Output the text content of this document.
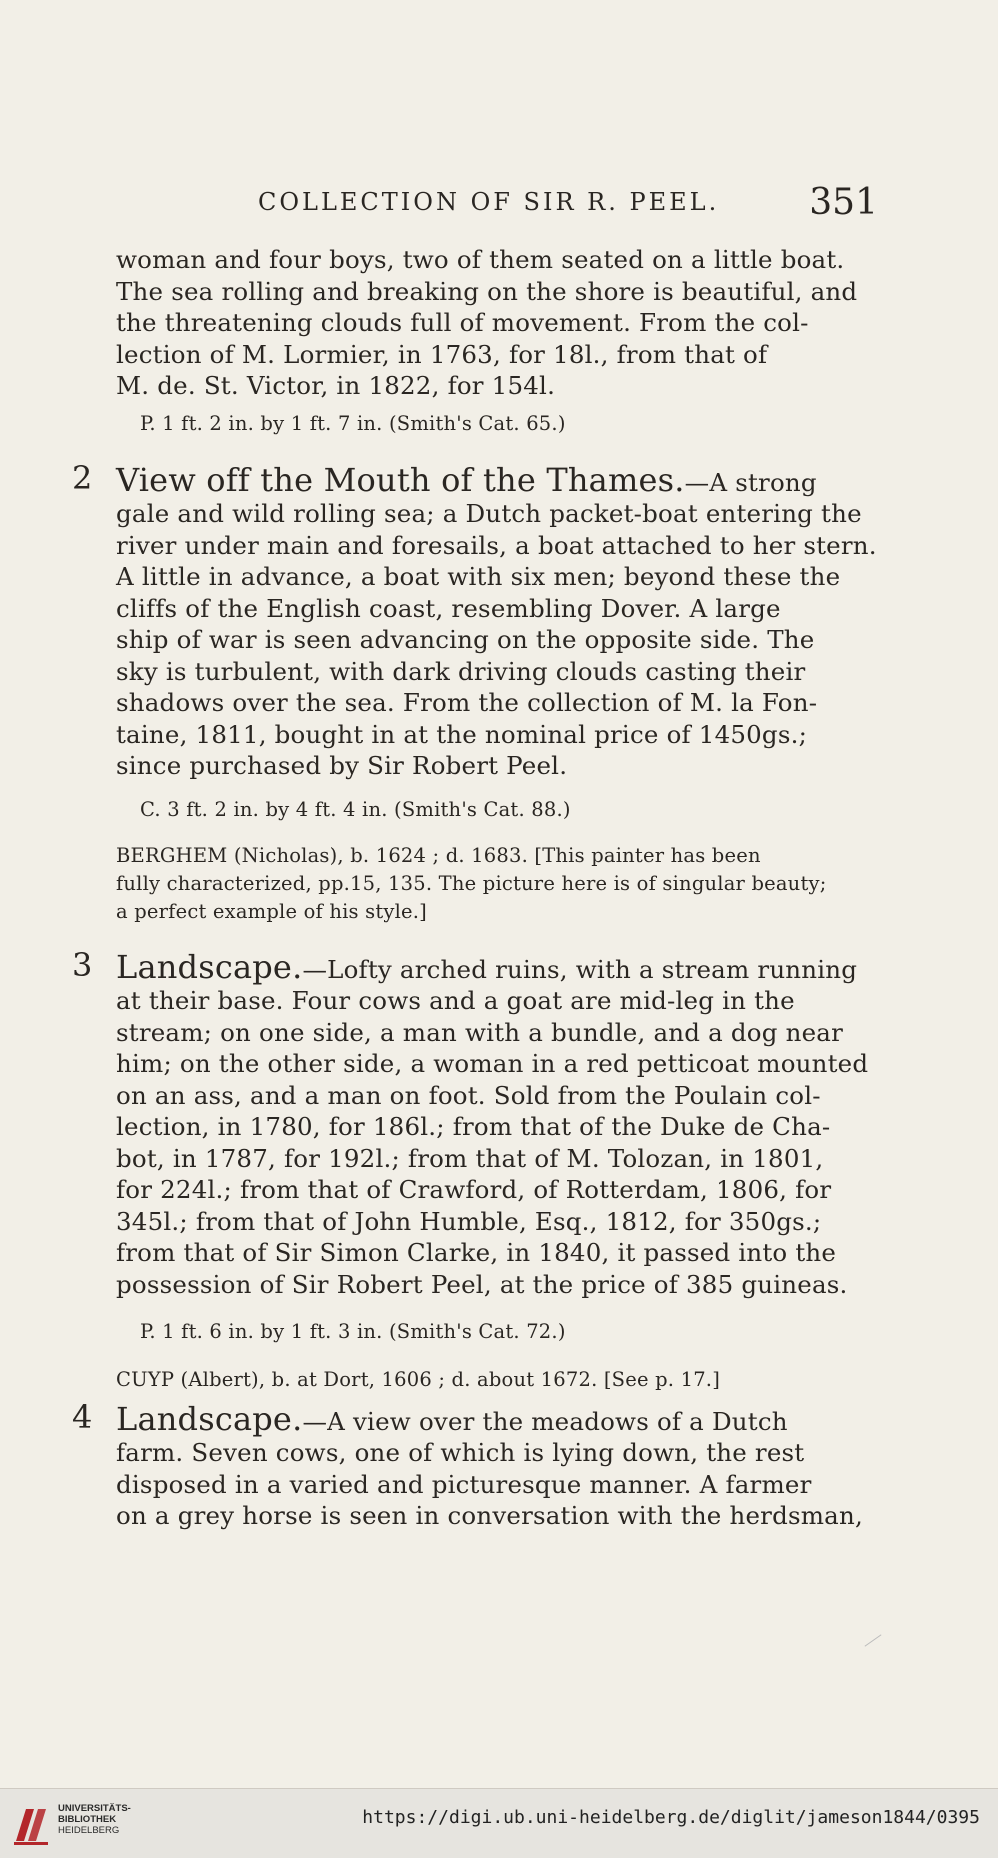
COLLECTION OF SIR R. PEEL.	351
woman and four boys, two of them seated on a little boat.
The sea rolling and breaking on the shore is beautiful, and
the threatening clouds full of movement. From the col-
lection of M. Lormier, in 1763, for 18l., from that of
M. de. St. Victor, in 1822, for 154l.
P. 1 ft. 2 in. by 1 ft. 7 in. (Smith's Cat. 65.)
2 View off the Mouth of the Thames.—A strong
gale and wild rolling sea; a Dutch packet-boat entering the
river under main and foresails, a boat attached to her stern.
A little in advance, a boat with six men; beyond these the
cliffs of the English coast, resembling Dover. A large
ship of war is seen advancing on the opposite side. The
sky is turbulent, with dark driving clouds casting their
shadows over the sea. From the collection of M. la Fon-
taine, 1811, bought in at the nominal price of 1450gs.;
since purchased by Sir Robert Peel.
C. 3 ft. 2 in. by 4 ft. 4 in. (Smith's Cat. 88.)
BERGHEM (Nicholas), b. 1624 ; d. 1683. [This painter has been
fully characterized, pp.15, 135. The picture here is of singular beauty;
a perfect example of his style.]
3 Landscape.—Lofty arched ruins, with a stream running
at their base. Four cows and a goat are mid-leg in the
stream; on one side, a man with a bundle, and a dog near
him; on the other side, a woman in a red petticoat mounted
on an ass, and a man on foot. Sold from the Poulain col-
lection, in 1780, for 186l.; from that of the Duke de Cha-
bot, in 1787, for 192l.; from that of M. Tolozan, in 1801,
for 224l.; from that of Crawford, of Rotterdam, 1806, for
345l.; from that of John Humble, Esq., 1812, for 350gs.;
from that of Sir Simon Clarke, in 1840, it passed into the
possession of Sir Robert Peel, at the price of 385 guineas.
P. 1 ft. 6 in. by 1 ft. 3 in. (Smith's Cat. 72.)
CUYP (Albert), b. at Dort, 1606 ; d. about 1672. [See p. 17.]
4 Landscape.—A view over the meadows of a Dutch
farm. Seven cows, one of which is lying down, the rest
disposed in a varied and picturesque manner. A farmer
on a grey horse is seen in conversation with the herdsman,
UNIVERSITÄTS-
BIBLIOTHEK
HEIDELBERG
https://digi.ub.uni-heidelberg.de/diglit/jameson1844/0395
